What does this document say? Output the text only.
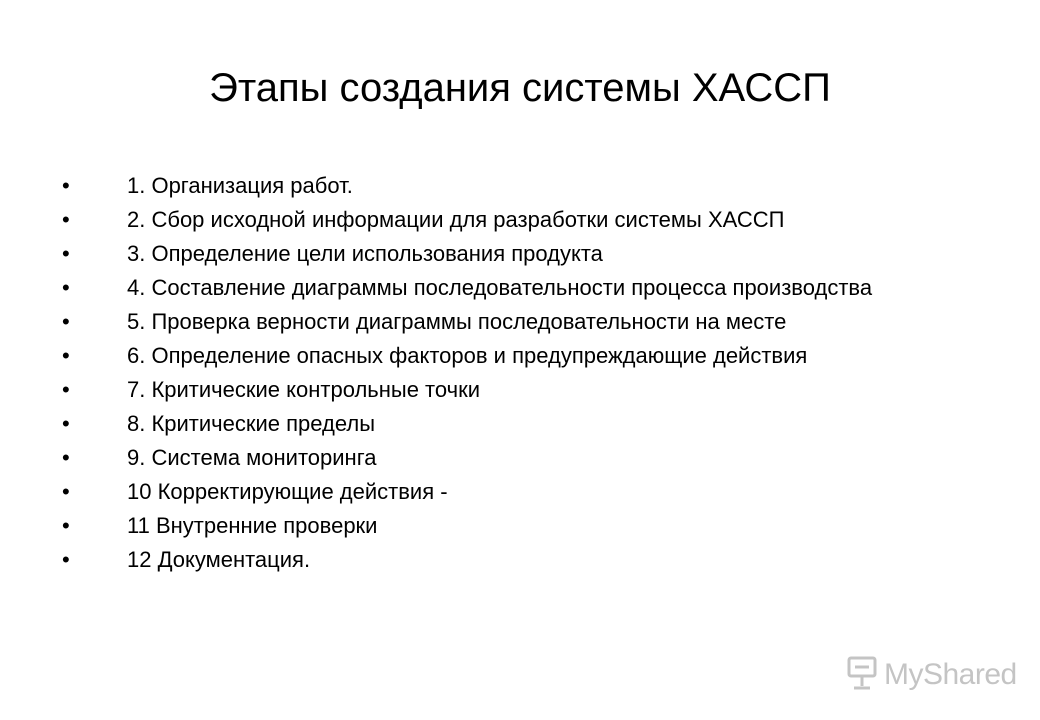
Этапы создания системы ХАССП
•	1. Организация работ.
•	2. Сбор исходной информации для разработки системы ХАССП
•	3. Определение цели использования продукта
•	4. Составление диаграммы последовательности процесса производства
•	5. Проверка верности диаграммы последовательности на месте
•	6. Определение опасных факторов и предупреждающие действия
•	7. Критические контрольные точки
•	8. Критические пределы
•	9. Система мониторинга
•	10 Корректирующие действия -
•	11 Внутренние проверки
•	12 Документация.
MyShared
